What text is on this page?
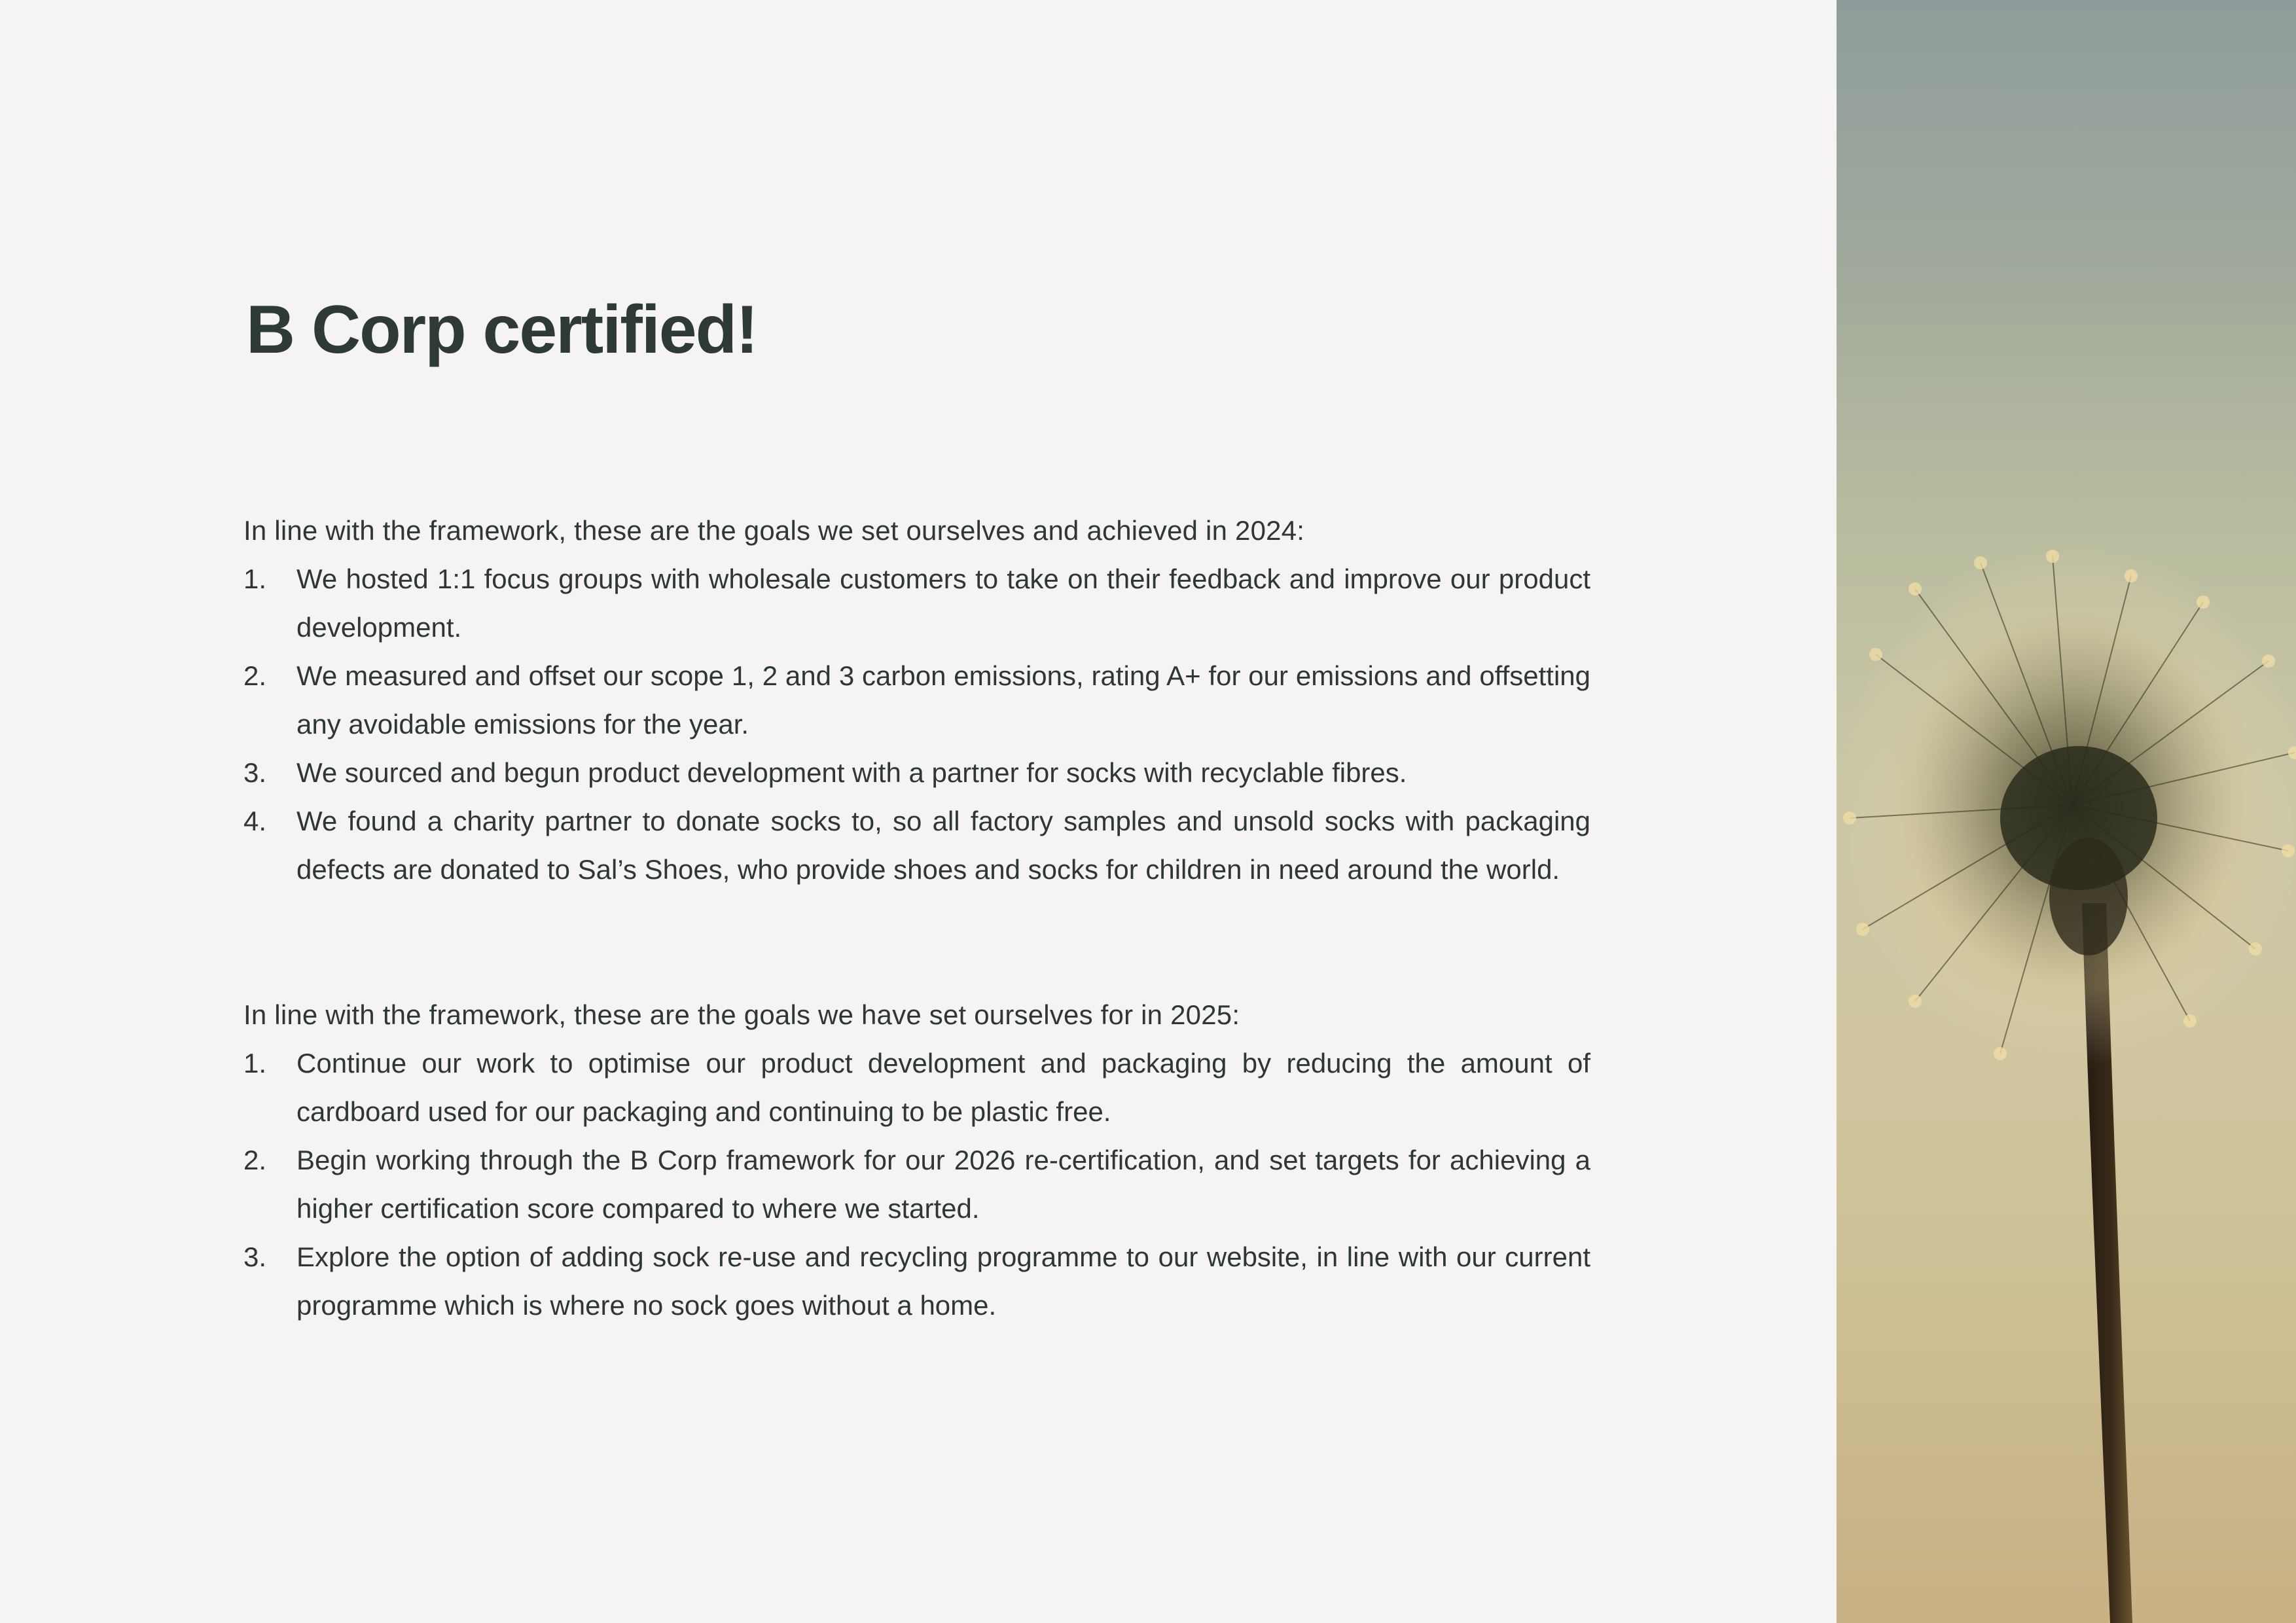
B Corp certified!

In line with the framework, these are the goals we set ourselves and achieved in 2024:

1.	We hosted 1:1 focus groups with wholesale customers to take on their feedback and improve our product development.
2.	We measured and offset our scope 1, 2 and 3 carbon emissions, rating A+ for our emissions and offsetting any avoidable emissions for the year.
3.	We sourced and begun product development with a partner for socks with recyclable fibres.
4.	We found a charity partner to donate socks to, so all factory samples and unsold socks with packaging defects are donated to Sal’s Shoes, who provide shoes and socks for children in need around the world.

In line with the framework, these are the goals we have set ourselves for in 2025:

1.	Continue our work to optimise our product development and packaging by reducing the amount of cardboard used for our packaging and continuing to be plastic free.
2.	Begin working through the B Corp framework for our 2026 re-certification, and set targets for achieving a higher certification score compared to where we started.
3.	Explore the option of adding sock re-use and recycling programme to our website, in line with our current programme which is where no sock goes without a home.
